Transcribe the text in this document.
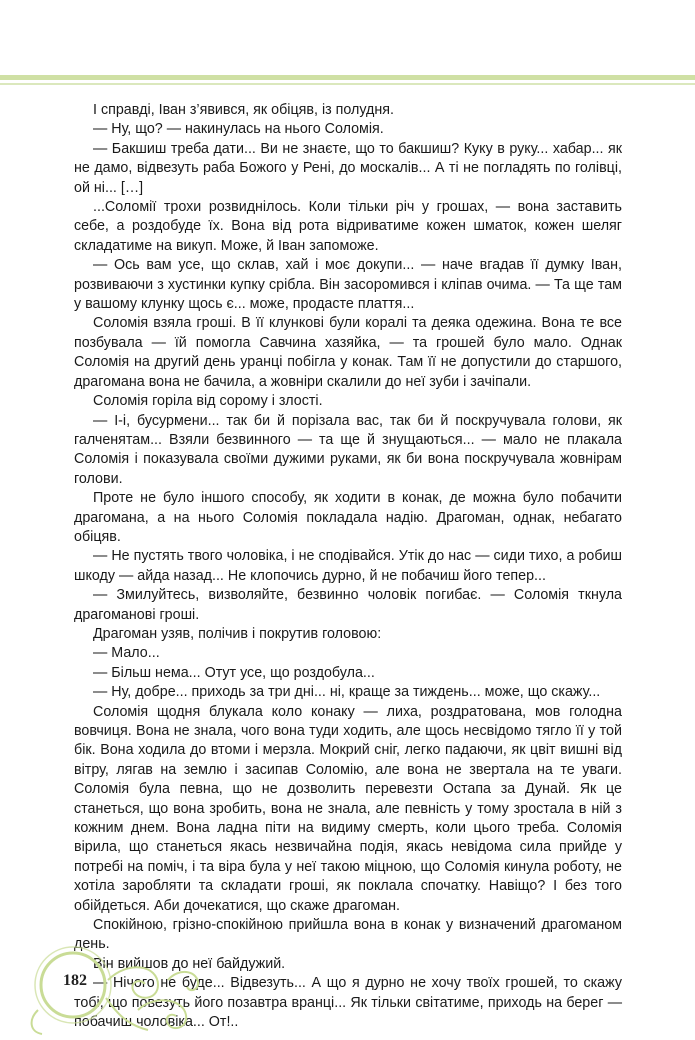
І справді, Іван з’явився, як обіцяв, із полудня.

— Ну, що? — накинулась на нього Соломія.

— Бакшиш треба дати... Ви не знаєте, що то бакшиш? Куку в руку... хабар... як не дамо, відвезуть раба Божого у Рені, до москалів... А ті не погладять по голівці, ой ні... […]

...Соломії трохи розвиднілось. Коли тільки річ у грошах, — вона заставить себе, а роздобуде їх. Вона від рота відриватиме кожен шматок, кожен шеляг складатиме на викуп. Може, й Іван запоможе.

— Ось вам усе, що склав, хай і моє докупи... — наче вгадав її думку Іван, розвиваючи з хустинки купку срібла. Він засоромився і кліпав очима. — Та ще там у вашому клунку щось є... може, продасте плаття...

Соломія взяла гроші. В її клункові були коралі та деяка одежина. Вона те все позбувала — їй помогла Савчина хазяйка, — та грошей було мало. Однак Соломія на другий день уранці побігла у конак. Там її не допустили до старшого, драгомана вона не бачила, а жовніри скалили до неї зуби і зачіпали.

Соломія горіла від сорому і злості.

— І-і, бусурмени... так би й порізала вас, так би й поскручувала голови, як галченятам... Взяли безвинного — та ще й знущаються... — мало не плакала Соломія і показувала своїми дужими руками, як би вона поскручувала жовнірам голови.

Проте не було іншого способу, як ходити в конак, де можна було побачити драгомана, а на нього Соломія покладала надію. Драгоман, однак, небагато обіцяв.

— Не пустять твого чоловіка, і не сподівайся. Утік до нас — сиди тихо, а робиш шкоду — айда назад... Не клопочись дурно, й не побачиш його тепер...

— Змилуйтесь, визволяйте, безвинно чоловік погибає. — Соломія ткнула драгоманові гроші.

Драгоман узяв, полічив і покрутив головою:

— Мало...

— Більш нема... Отут усе, що роздобула...

— Ну, добре... приходь за три дні... ні, краще за тиждень... може, що скажу...

Соломія щодня блукала коло конаку — лиха, роздратована, мов голодна вовчиця. Вона не знала, чого вона туди ходить, але щось несвідомо тягло її у той бік. Вона ходила до втоми і мерзла. Мокрий сніг, легко падаючи, як цвіт вишні від вітру, лягав на землю і засипав Соломію, але вона не звертала на те уваги. Соломія була певна, що не дозволить перевезти Остапа за Дунай. Як це станеться, що вона зробить, вона не знала, але певність у тому зростала в ній з кожним днем. Вона ладна піти на видиму смерть, коли цього треба. Соломія вірила, що станеться якась незвичайна подія, якась невідома сила прийде у потребі на поміч, і та віра була у неї такою міцною, що Соломія кинула роботу, не хотіла заробляти та складати гроші, як поклала спочатку. Навіщо? І без того обійдеться. Аби дочекатися, що скаже драгоман.

Спокійною, грізно-спокійною прийшла вона в конак у визначений драгоманом день.

Він вийшов до неї байдужий.

— Нічого не буде... Відвезуть... А що я дурно не хочу твоїх грошей, то скажу тобі, що повезуть його позавтра вранці... Як тільки світатиме, приходь на берег — побачиш чоловіка... От!..

182
